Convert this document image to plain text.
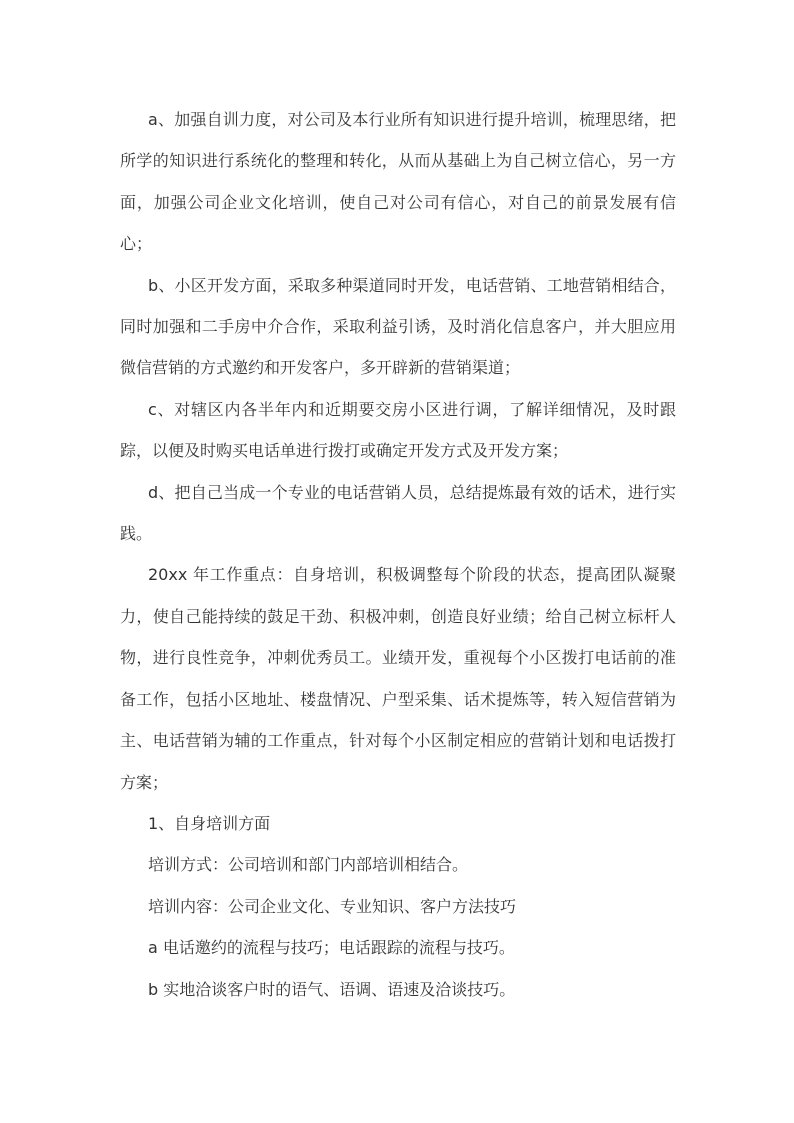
a、加强自训力度，对公司及本行业所有知识进行提升培训，梳理思绪，把所学的知识进行系统化的整理和转化，从而从基础上为自己树立信心，另一方面，加强公司企业文化培训，使自己对公司有信心，对自己的前景发展有信心；

b、小区开发方面，采取多种渠道同时开发，电话营销、工地营销相结合，同时加强和二手房中介合作，采取利益引诱，及时消化信息客户，并大胆应用微信营销的方式邀约和开发客户，多开辟新的营销渠道；

c、对辖区内各半年内和近期要交房小区进行调，了解详细情况，及时跟踪，以便及时购买电话单进行拨打或确定开发方式及开发方案；

d、把自己当成一个专业的电话营销人员，总结提炼最有效的话术，进行实践。

20xx 年工作重点：自身培训，积极调整每个阶段的状态，提高团队凝聚力，使自己能持续的鼓足干劲、积极冲刺，创造良好业绩；给自己树立标杆人物，进行良性竞争，冲刺优秀员工。业绩开发，重视每个小区拨打电话前的准备工作，包括小区地址、楼盘情况、户型采集、话术提炼等，转入短信营销为主、电话营销为辅的工作重点，针对每个小区制定相应的营销计划和电话拨打方案；

1、自身培训方面

培训方式：公司培训和部门内部培训相结合。

培训内容：公司企业文化、专业知识、客户方法技巧

a 电话邀约的流程与技巧；电话跟踪的流程与技巧。

b 实地洽谈客户时的语气、语调、语速及洽谈技巧。
